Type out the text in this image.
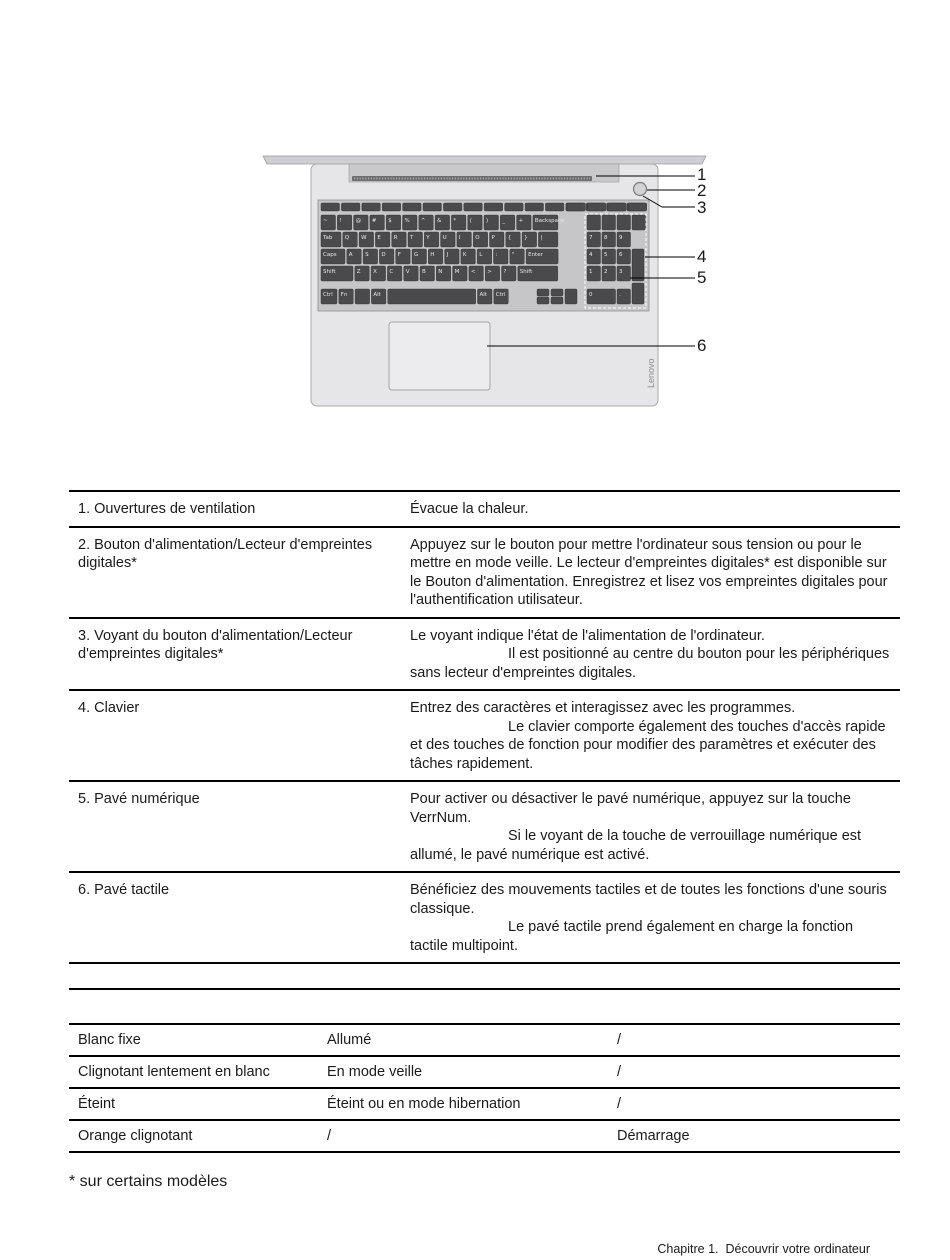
~ !	@ # $ % ^ & * (	)	_ + Backspace
Tab Q W E R T Y U I	O P { } |
Caps A S D F G H J	K L :	"	Enter
Shift	Z X C V B N M < > ? Shift
Ctrl Fn	Alt	Alt Ctrl
7 8 9
4 5 6
1 2 3
0	.
Lenovo
1
2
3
4
5
6
1. Ouvertures de ventilation	Évacue la chaleur.
2. Bouton d'alimentation/Lecteur d'empreintes digitales*	Appuyez sur le bouton pour mettre l'ordinateur sous tension ou pour le mettre en mode veille. Le lecteur d'empreintes digitales* est disponible sur le Bouton d'alimentation. Enregistrez et lisez vos empreintes digitales pour l'authentification utilisateur.
3. Voyant du bouton d'alimentation/Lecteur d'empreintes digitales*	Le voyant indique l'état de l'alimentation de l'ordinateur.
Il est positionné au centre du bouton pour les périphériques sans lecteur d'empreintes digitales.
4. Clavier	Entrez des caractères et interagissez avec les programmes.
Le clavier comporte également des touches d'accès rapide et des touches de fonction pour modifier des paramètres et exécuter des tâches rapidement.
5. Pavé numérique	Pour activer ou désactiver le pavé numérique, appuyez sur la touche VerrNum.
Si le voyant de la touche de verrouillage numérique est allumé, le pavé numérique est activé.
6. Pavé tactile	Bénéficiez des mouvements tactiles et de toutes les fonctions d'une souris classique.
Le pavé tactile prend également en charge la fonction tactile multipoint.
Blanc fixe	Allumé	/
Clignotant lentement en blanc	En mode veille	/
Éteint	Éteint ou en mode hibernation	/
Orange clignotant	/	Démarrage
* sur certains modèles
Chapitre 1. Découvrir votre ordinateur
